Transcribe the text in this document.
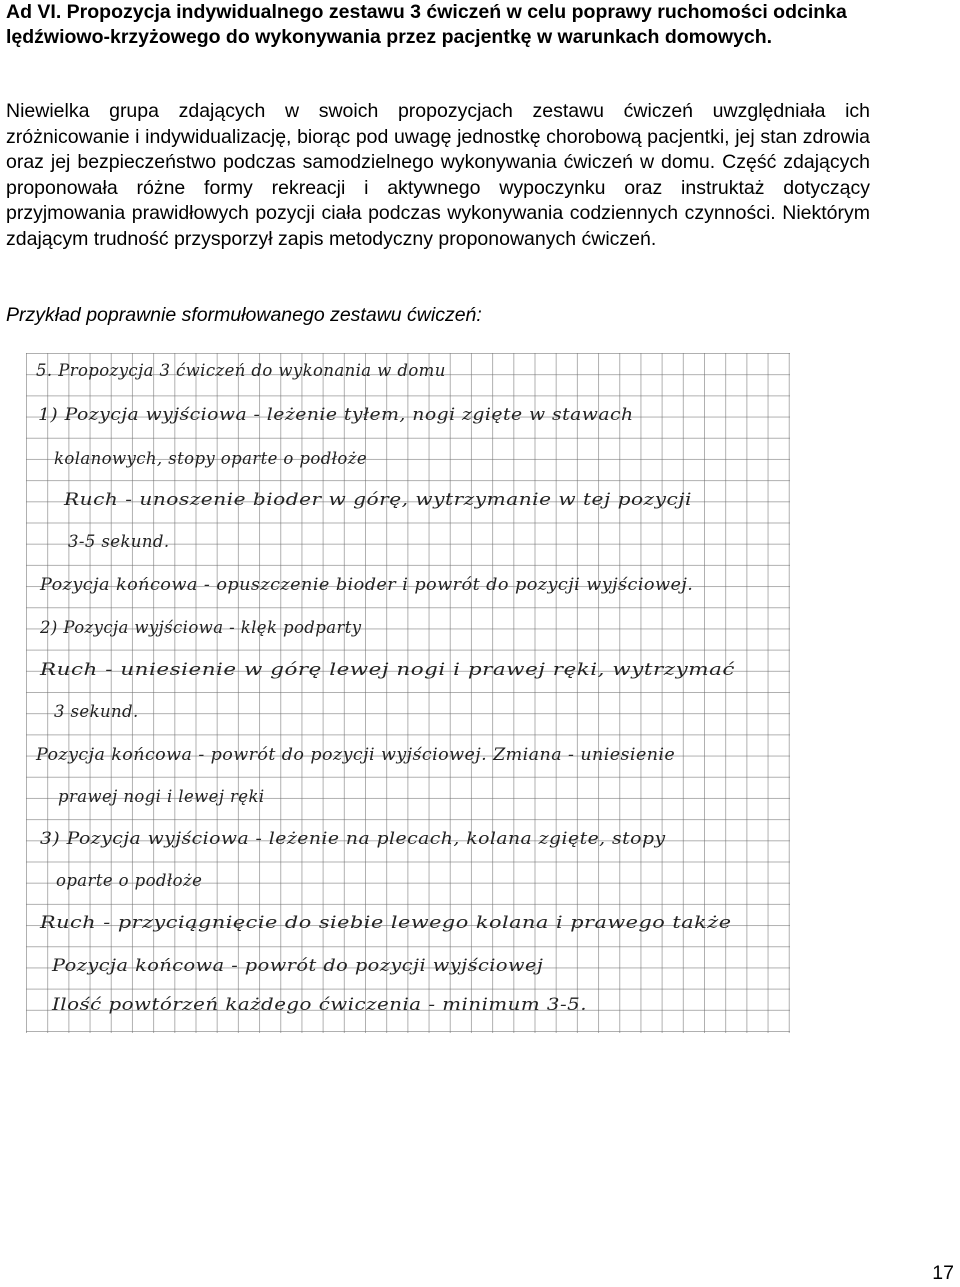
Ad VI. Propozycja indywidualnego zestawu 3 ćwiczeń w celu poprawy ruchomości odcinka lędźwiowo-krzyżowego do wykonywania przez pacjentkę w warunkach domowych.

Niewielka grupa zdających w swoich propozycjach zestawu ćwiczeń uwzględniała ich zróżnicowanie i indywidualizację, biorąc pod uwagę jednostkę chorobową pacjentki, jej stan zdrowia oraz jej bezpieczeństwo podczas samodzielnego wykonywania ćwiczeń w domu. Część zdających proponowała różne formy rekreacji i aktywnego wypoczynku oraz instruktaż dotyczący przyjmowania prawidłowych pozycji ciała podczas wykonywania codziennych czynności. Niektórym zdającym trudność przysporzył zapis metodyczny proponowanych ćwiczeń.

Przykład poprawnie sformułowanego zestawu ćwiczeń:

5. Propozycja 3 ćwiczeń do wykonania w domu

1) Pozycja wyjściowa - leżenie tyłem, nogi zgięte w stawach

kolanowych, stopy oparte o podłoże

Ruch - unoszenie bioder w górę, wytrzymanie w tej pozycji

3-5 sekund.

Pozycja końcowa - opuszczenie bioder i powrót do pozycji wyjściowej.

2) Pozycja wyjściowa - klęk podparty

Ruch - uniesienie w górę lewej nogi i prawej ręki, wytrzymać

3 sekund.

Pozycja końcowa - powrót do pozycji wyjściowej. Zmiana - uniesienie

prawej nogi i lewej ręki

3) Pozycja wyjściowa - leżenie na plecach, kolana zgięte, stopy

oparte o podłoże

Ruch - przyciągnięcie do siebie lewego kolana i prawego także

Pozycja końcowa - powrót do pozycji wyjściowej

Ilość powtórzeń każdego ćwiczenia - minimum 3-5.

17
